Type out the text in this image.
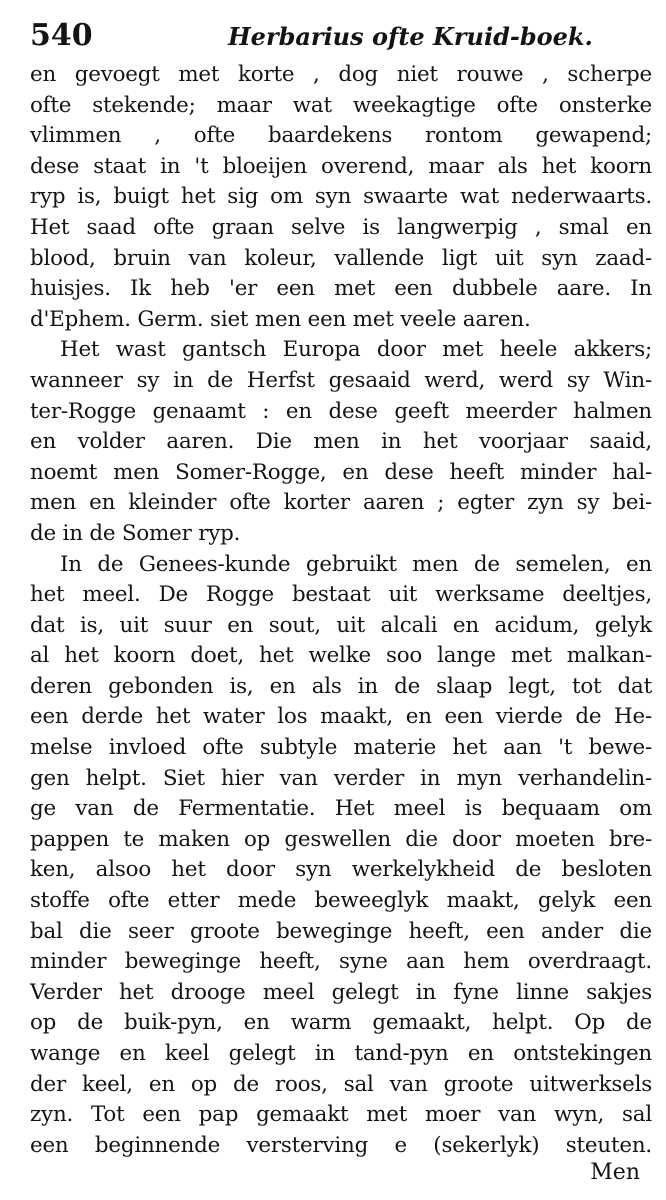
540	Herbarius ofte Kruid-boek.
en gevoegt met korte , dog niet rouwe , scherpe
ofte stekende; maar wat weekagtige ofte onsterke
vlimmen , ofte baardekens rontom gewapend;
dese staat in 't bloeijen overend, maar als het koorn
ryp is, buigt het sig om syn swaarte wat nederwaarts.
Het saad ofte graan selve is langwerpig , smal en
blood, bruin van koleur, vallende ligt uit syn zaad-
huisjes. Ik heb 'er een met een dubbele aare. In
d'Ephem. Germ. siet men een met veele aaren.
Het wast gantsch Europa door met heele akkers;
wanneer sy in de Herfst gesaaid werd, werd sy Win-
ter-Rogge genaamt : en dese geeft meerder halmen
en volder aaren. Die men in het voorjaar saaid,
noemt men Somer-Rogge, en dese heeft minder hal-
men en kleinder ofte korter aaren ; egter zyn sy bei-
de in de Somer ryp.
In de Genees-kunde gebruikt men de semelen, en
het meel. De Rogge bestaat uit werksame deeltjes,
dat is, uit suur en sout, uit alcali en acidum, gelyk
al het koorn doet, het welke soo lange met malkan-
deren gebonden is, en als in de slaap legt, tot dat
een derde het water los maakt, en een vierde de He-
melse invloed ofte subtyle materie het aan 't bewe-
gen helpt. Siet hier van verder in myn verhandelin-
ge van de Fermentatie. Het meel is bequaam om
pappen te maken op geswellen die door moeten bre-
ken, alsoo het door syn werkelykheid de besloten
stoffe ofte etter mede beweeglyk maakt, gelyk een
bal die seer groote beweginge heeft, een ander die
minder beweginge heeft, syne aan hem overdraagt.
Verder het drooge meel gelegt in fyne linne sakjes
op de buik-pyn, en warm gemaakt, helpt. Op de
wange en keel gelegt in tand-pyn en ontstekingen
der keel, en op de roos, sal van groote uitwerksels
zyn. Tot een pap gemaakt met moer van wyn, sal
een beginnende versterving e (sekerlyk) steuten.
Men
